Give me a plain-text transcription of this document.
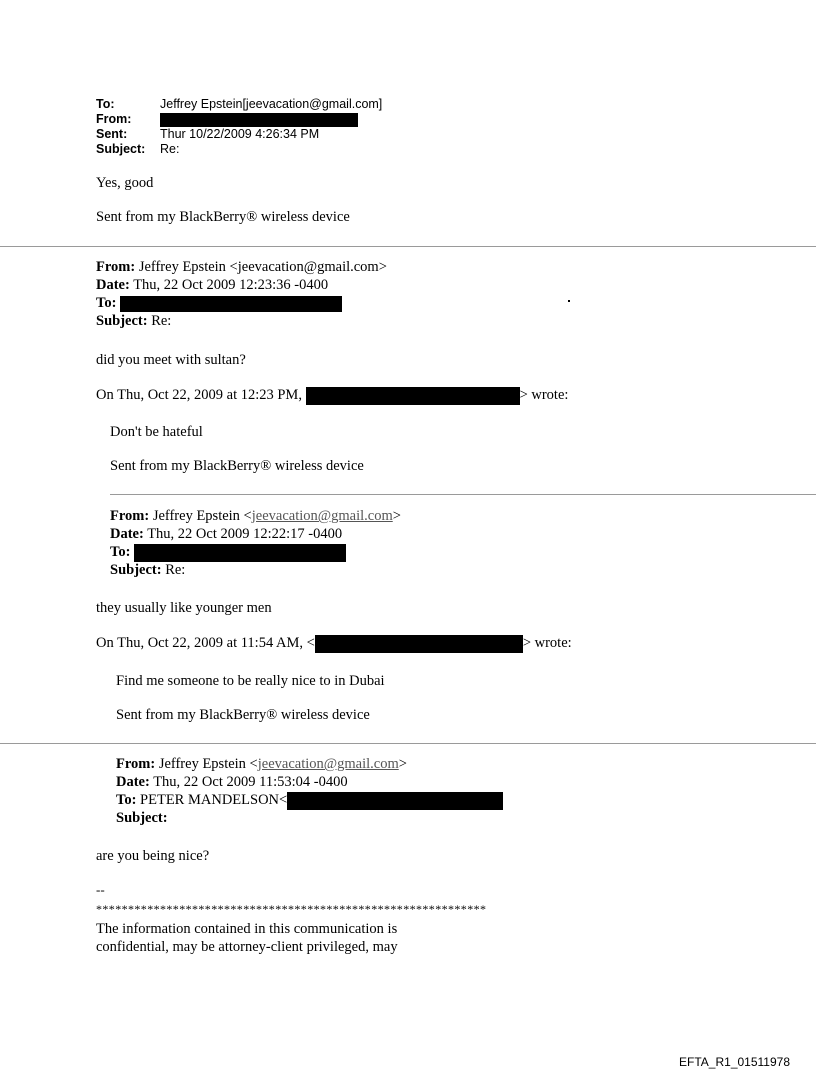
To:	Jeffrey Epstein[jeevacation@gmail.com]
From:
Sent:	Thur 10/22/2009 4:26:34 PM
Subject: Re:
Yes, good
Sent from my BlackBerry® wireless device
From: Jeffrey Epstein <jeevacation@gmail.com>
Date: Thu, 22 Oct 2009 12:23:36 -0400
To:
Subject: Re:
did you meet with sultan?
On Thu, Oct 22, 2009 at 12:23 PM,	> wrote:
Don't be hateful
Sent from my BlackBerry® wireless device
From: Jeffrey Epstein <jeevacation@gmail.com>
Date: Thu, 22 Oct 2009 12:22:17 -0400
To:
Subject: Re:
they usually like younger men
On Thu, Oct 22, 2009 at 11:54 AM, <	> wrote:
Find me someone to be really nice to in Dubai
Sent from my BlackBerry® wireless device
From: Jeffrey Epstein <jeevacation@gmail.com>
Date: Thu, 22 Oct 2009 11:53:04 -0400
To: PETER MANDELSON<
Subject:
are you being nice?
--
*************************************************************
The information contained in this communication is
confidential, may be attorney-client privileged, may
EFTA_R1_01511978
